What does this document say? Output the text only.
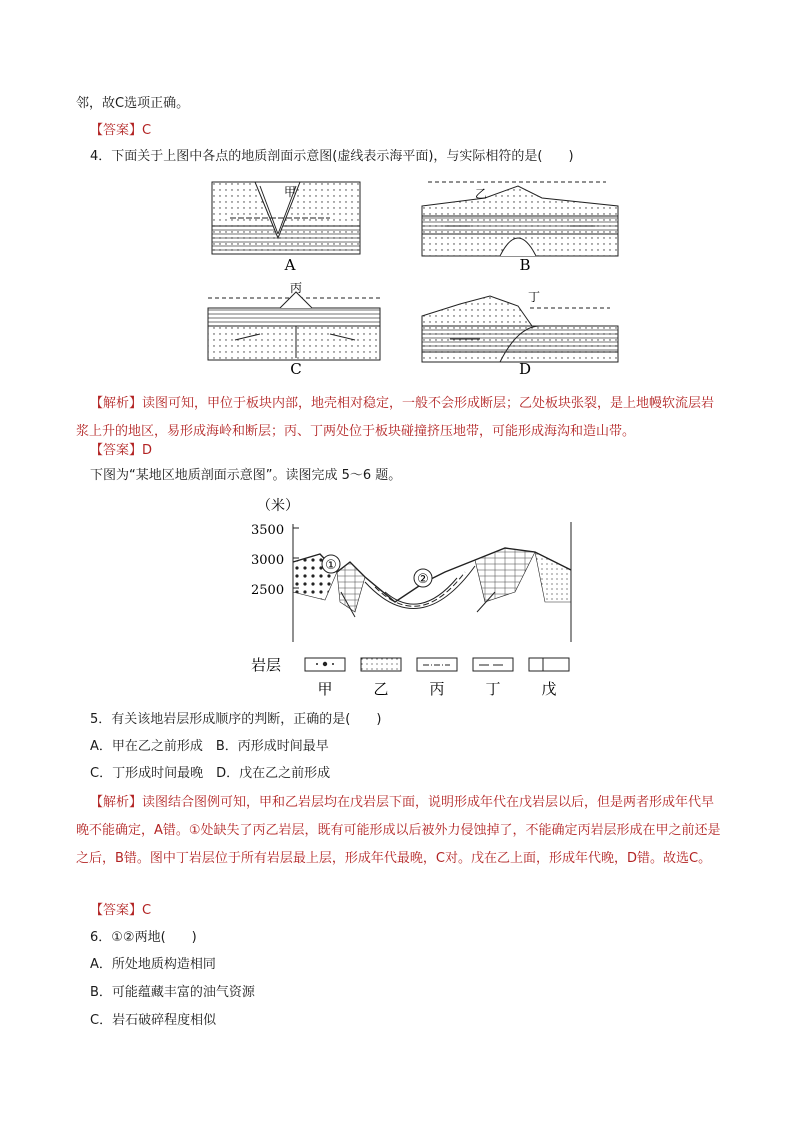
邻，故C选项正确。
【答案】C
4．下面关于上图中各点的地质剖面示意图(虚线表示海平面)，与实际相符的是(　　)
甲
A
乙
B
丙
C
丁
D
【解析】读图可知，甲位于板块内部，地壳相对稳定，一般不会形成断层；乙处板块张裂，是上地幔软流层岩浆上升的地区，易形成海岭和断层；丙、丁两处位于板块碰撞挤压地带，可能形成海沟和造山带。
【答案】D
下图为“某地区地质剖面示意图”。读图完成 5～6 题。
（米）
3500
3000
2500
①
②
岩层
甲	乙	丙	丁	戊
5．有关该地岩层形成顺序的判断，正确的是(　　)
A．甲在乙之前形成　B．丙形成时间最早
C．丁形成时间最晚　D．戊在乙之前形成
【解析】读图结合图例可知，甲和乙岩层均在戊岩层下面，说明形成年代在戊岩层以后，但是两者形成年代早晚不能确定，A错。①处缺失了丙乙岩层，既有可能形成以后被外力侵蚀掉了，不能确定丙岩层形成在甲之前还是之后，B错。图中丁岩层位于所有岩层最上层，形成年代最晚，C对。戊在乙上面，形成年代晚，D错。故选C。
【答案】C
6．①②两地(　　)
A．所处地质构造相同
B．可能蕴藏丰富的油气资源
C．岩石破碎程度相似
